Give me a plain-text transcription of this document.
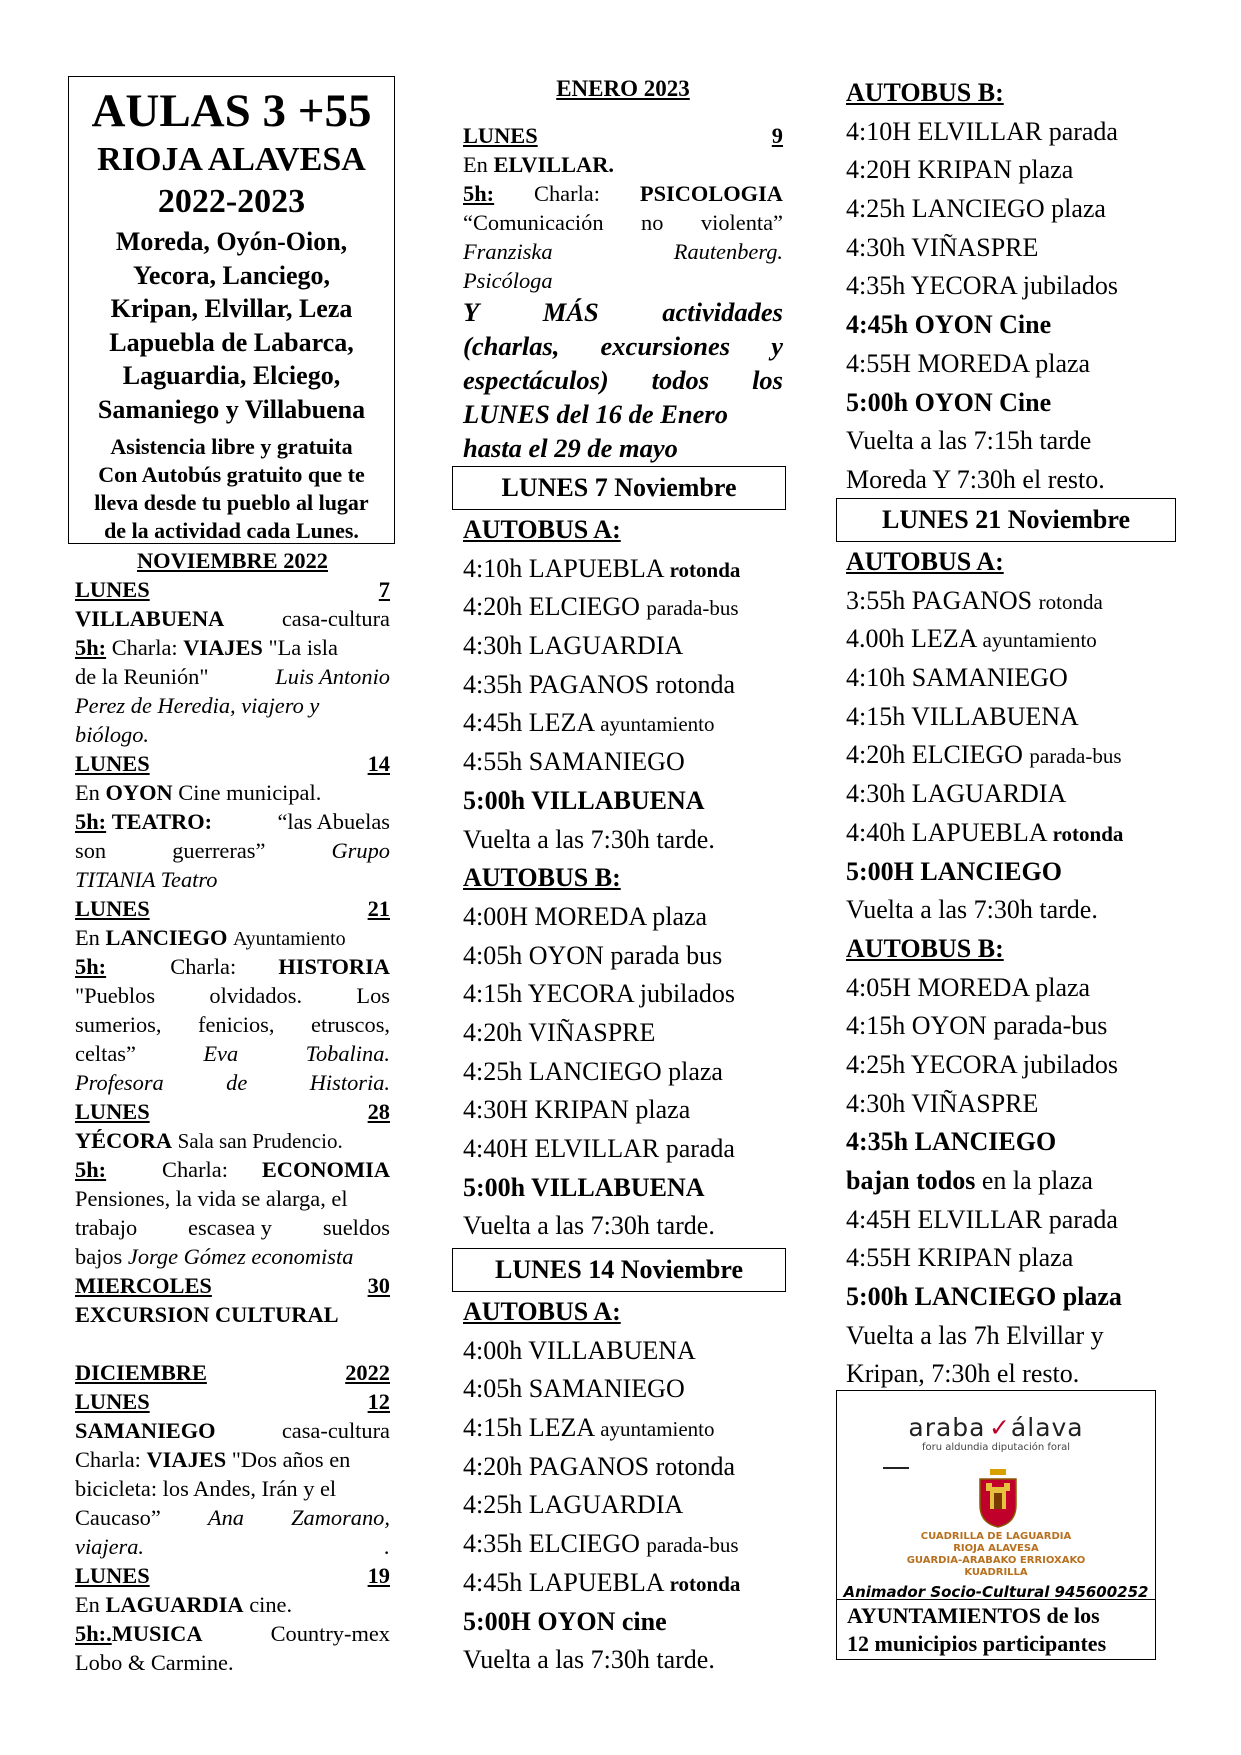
AULAS 3 +55
RIOJA ALAVESA
2022-2023
Moreda, Oyón-Oion,
Yecora, Lanciego,
Kripan, Elvillar, Leza
Lapuebla de Labarca,
Laguardia, Elciego,
Samaniego y Villabuena
Asistencia libre y gratuita
Con Autobús gratuito que te
lleva desde tu pueblo al lugar
de la actividad cada Lunes.
NOVIEMBRE 2022
LUNES	7
VILLABUENA	casa-cultura
5h: Charla: VIAJES "La isla
de la Reunión"	Luis Antonio
Perez de Heredia, viajero y
biólogo.
LUNES	14
En OYON Cine municipal.
5h: TEATRO:	“las Abuelas
son	guerreras”	Grupo
TITANIA Teatro
LUNES	21
En LANCIEGO Ayuntamiento
5h:	Charla: HISTORIA
"Pueblos olvidados. Los
sumerios, fenicios, etruscos,
celtas”	Eva	Tobalina.
Profesora	de	Historia.
LUNES	28
YÉCORA Sala san Prudencio.
5h:	Charla: ECONOMIA
Pensiones, la vida se alarga, el
trabajo escasea y sueldos
bajos Jorge Gómez economista
MIERCOLES	30
EXCURSION CULTURAL
DICIEMBRE	2022
LUNES	12
SAMANIEGO	casa-cultura
Charla: VIAJES "Dos años en
bicicleta: los Andes, Irán y el
Caucaso” Ana Zamorano,
viajera.	.
LUNES	19
En LAGUARDIA cine.
5h:.MUSICA	Country-mex
Lobo & Carmine.
ENERO 2023
LUNES	9
En ELVILLAR.
5h: Charla: PSICOLOGIA
“Comunicación no violenta”
Franziska	Rautenberg.
Psicóloga
Y MÁS actividades
(charlas, excursiones y
espectáculos) todos los
LUNES del 16 de Enero
hasta el 29 de mayo
LUNES 7 Noviembre
AUTOBUS A:
4:10h LAPUEBLA rotonda
4:20h ELCIEGO parada-bus
4:30h LAGUARDIA
4:35h PAGANOS rotonda
4:45h LEZA ayuntamiento
4:55h SAMANIEGO
5:00h VILLABUENA
Vuelta a las 7:30h tarde.
AUTOBUS B:
4:00H MOREDA plaza
4:05h OYON parada bus
4:15h YECORA jubilados
4:20h VIÑASPRE
4:25h LANCIEGO plaza
4:30H KRIPAN plaza
4:40H ELVILLAR parada
5:00h VILLABUENA
Vuelta a las 7:30h tarde.
LUNES 14 Noviembre
AUTOBUS A:
4:00h VILLABUENA
4:05h SAMANIEGO
4:15h LEZA ayuntamiento
4:20h PAGANOS rotonda
4:25h LAGUARDIA
4:35h ELCIEGO parada-bus
4:45h LAPUEBLA rotonda
5:00H OYON cine
Vuelta a las 7:30h tarde.
AUTOBUS B:
4:10H ELVILLAR parada
4:20H KRIPAN plaza
4:25h LANCIEGO plaza
4:30h VIÑASPRE
4:35h YECORA jubilados
4:45h OYON Cine
4:55H MOREDA plaza
5:00h OYON Cine
Vuelta a las 7:15h tarde
Moreda Y 7:30h el resto.
LUNES 21 Noviembre
AUTOBUS A:
3:55h PAGANOS rotonda
4.00h LEZA ayuntamiento
4:10h SAMANIEGO
4:15h VILLABUENA
4:20h ELCIEGO parada-bus
4:30h LAGUARDIA
4:40h LAPUEBLA rotonda
5:00H LANCIEGO
Vuelta a las 7:30h tarde.
AUTOBUS B:
4:05H MOREDA plaza
4:15h OYON parada-bus
4:25h YECORA jubilados
4:30h VIÑASPRE
4:35h LANCIEGO
bajan todos en la plaza
4:45H ELVILLAR parada
4:55H KRIPAN plaza
5:00h LANCIEGO plaza
Vuelta a las 7h Elvillar y
Kripan, 7:30h el resto.
araba ✓álava
foru aldundia diputación foral
CUADRILLA DE LAGUARDIA
RIOJA ALAVESA
GUARDIA-ARABAKO ERRIOXAKO
KUADRILLA
Animador Socio-Cultural 945600252
AYUNTAMIENTOS de los
12 municipios participantes
